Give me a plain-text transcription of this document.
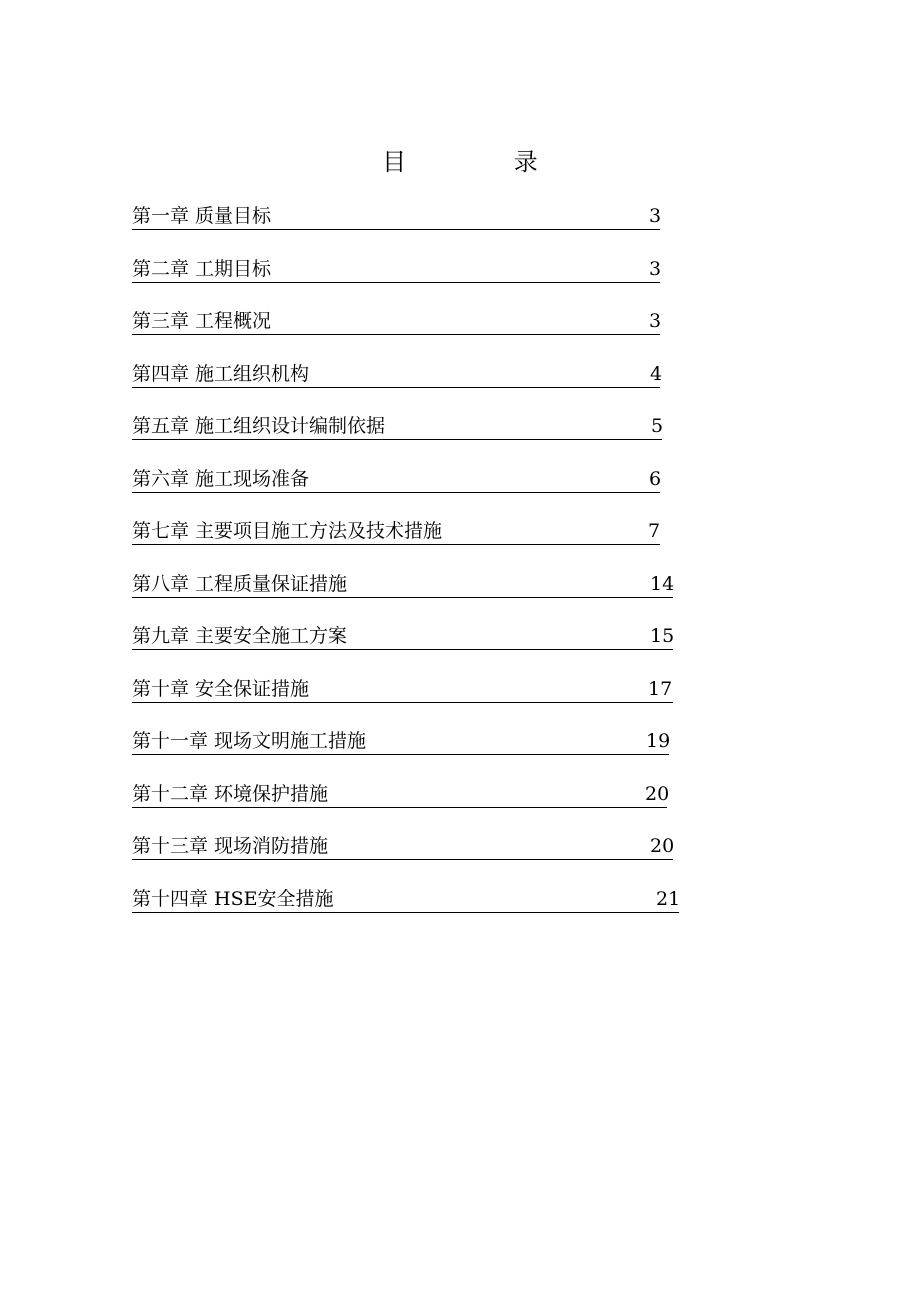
目 录
第一章 质量目标	3
第二章 工期目标	3
第三章 工程概况	3
第四章 施工组织机构	4
第五章 施工组织设计编制依据	5
第六章 施工现场准备	6
第七章 主要项目施工方法及技术措施	7
第八章 工程质量保证措施	14
第九章 主要安全施工方案	15
第十章 安全保证措施	17
第十一章 现场文明施工措施	19
第十二章 环境保护措施	20
第十三章 现场消防措施	20
第十四章 HSE安全措施	21
